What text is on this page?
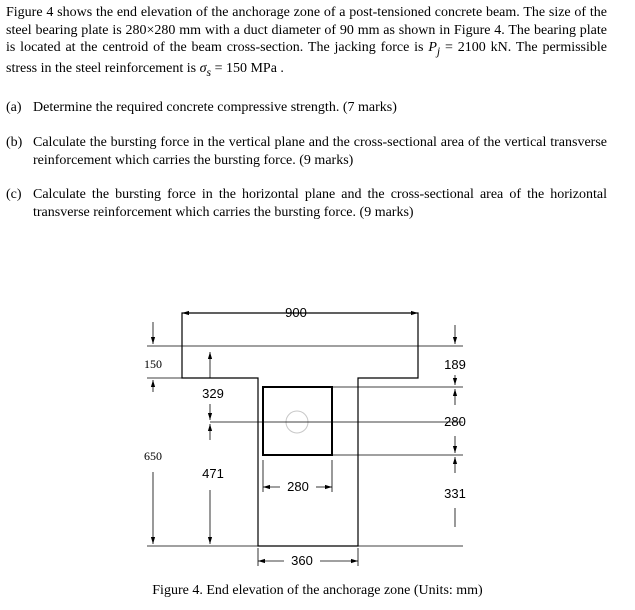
Figure 4 shows the end elevation of the anchorage zone of a post-tensioned concrete beam. The size of the steel bearing plate is 280×280 mm with a duct diameter of 90 mm as shown in Figure 4. The bearing plate is located at the centroid of the beam cross-section. The jacking force is $P_j = 2100$ kN. The permissible stress in the steel reinforcement is $\sigma_s = 150$ MPa .

(a) Determine the required concrete compressive strength. (7 marks)
(b) Calculate the bursting force in the vertical plane and the cross-sectional area of the vertical transverse reinforcement which carries the bursting force. (9 marks)
(c) Calculate the bursting force in the horizontal plane and the cross-sectional area of the horizontal transverse reinforcement which carries the bursting force. (9 marks)
900
150
650
329
471
280
360
189
280
331

Figure 4. End elevation of the anchorage zone (Units: mm)
